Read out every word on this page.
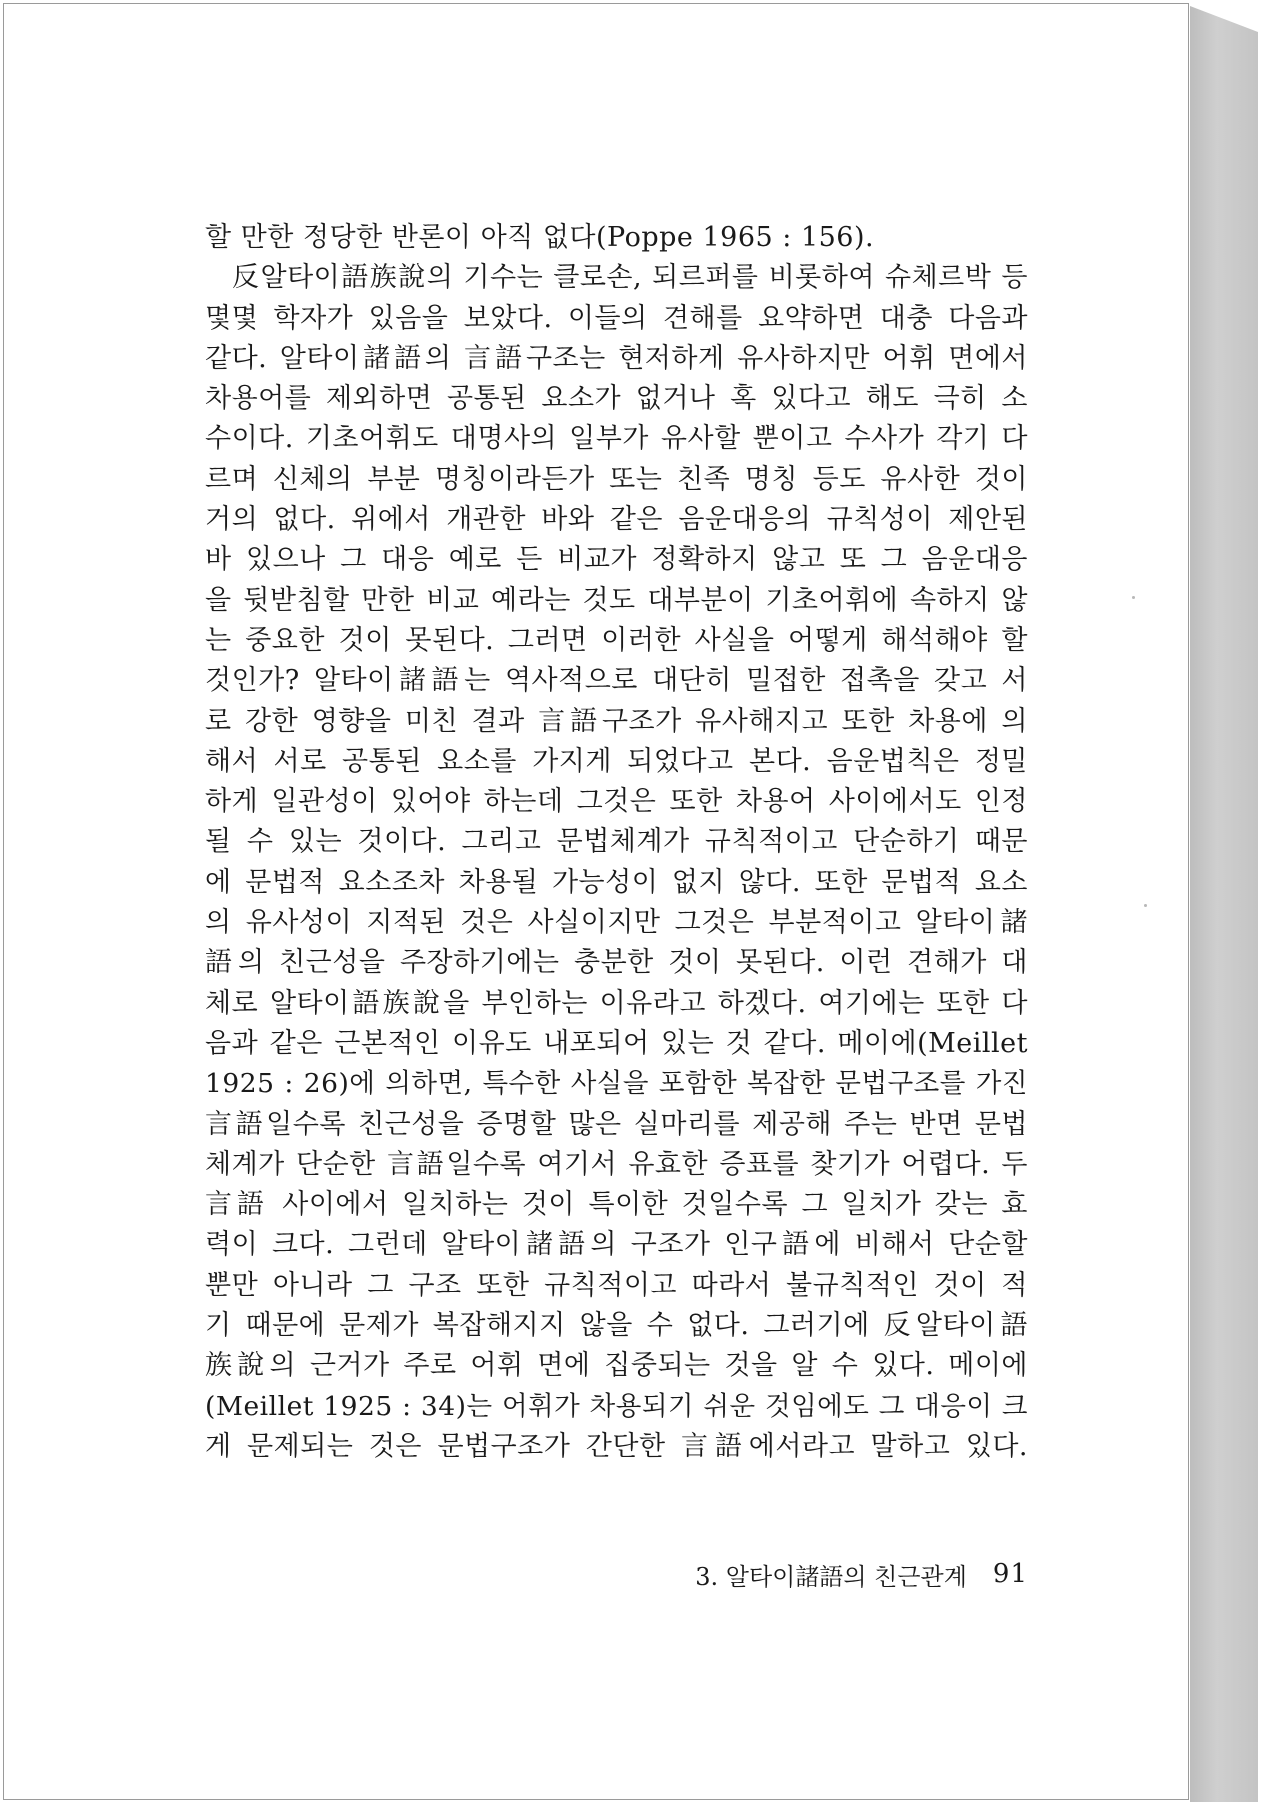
할 만한 정당한 반론이 아직 없다(Poppe 1965 : 156).
反알타이語族說의 기수는 클로손, 되르퍼를 비롯하여 슈체르박 등
몇몇 학자가 있음을 보았다. 이들의 견해를 요약하면 대충 다음과
같다. 알타이諸語의 言語구조는 현저하게 유사하지만 어휘 면에서
차용어를 제외하면 공통된 요소가 없거나 혹 있다고 해도 극히 소
수이다. 기초어휘도 대명사의 일부가 유사할 뿐이고 수사가 각기 다
르며 신체의 부분 명칭이라든가 또는 친족 명칭 등도 유사한 것이
거의 없다. 위에서 개관한 바와 같은 음운대응의 규칙성이 제안된
바 있으나 그 대응 예로 든 비교가 정확하지 않고 또 그 음운대응
을 뒷받침할 만한 비교 예라는 것도 대부분이 기초어휘에 속하지 않
는 중요한 것이 못된다. 그러면 이러한 사실을 어떻게 해석해야 할
것인가? 알타이諸語는 역사적으로 대단히 밀접한 접촉을 갖고 서
로 강한 영향을 미친 결과 言語구조가 유사해지고 또한 차용에 의
해서 서로 공통된 요소를 가지게 되었다고 본다. 음운법칙은 정밀
하게 일관성이 있어야 하는데 그것은 또한 차용어 사이에서도 인정
될 수 있는 것이다. 그리고 문법체계가 규칙적이고 단순하기 때문
에 문법적 요소조차 차용될 가능성이 없지 않다. 또한 문법적 요소
의 유사성이 지적된 것은 사실이지만 그것은 부분적이고 알타이諸
語의 친근성을 주장하기에는 충분한 것이 못된다. 이런 견해가 대
체로 알타이語族說을 부인하는 이유라고 하겠다. 여기에는 또한 다
음과 같은 근본적인 이유도 내포되어 있는 것 같다. 메이에(Meillet
1925 : 26)에 의하면, 특수한 사실을 포함한 복잡한 문법구조를 가진
言語일수록 친근성을 증명할 많은 실마리를 제공해 주는 반면 문법
체계가 단순한 言語일수록 여기서 유효한 증표를 찾기가 어렵다. 두
言語 사이에서 일치하는 것이 특이한 것일수록 그 일치가 갖는 효
력이 크다. 그런데 알타이諸語의 구조가 인구語에 비해서 단순할
뿐만 아니라 그 구조 또한 규칙적이고 따라서 불규칙적인 것이 적
기 때문에 문제가 복잡해지지 않을 수 없다. 그러기에 反알타이語
族說의 근거가 주로 어휘 면에 집중되는 것을 알 수 있다. 메이에
(Meillet 1925 : 34)는 어휘가 차용되기 쉬운 것임에도 그 대응이 크
게 문제되는 것은 문법구조가 간단한 言語에서라고 말하고 있다.
3. 알타이諸語의 친근관계 91
